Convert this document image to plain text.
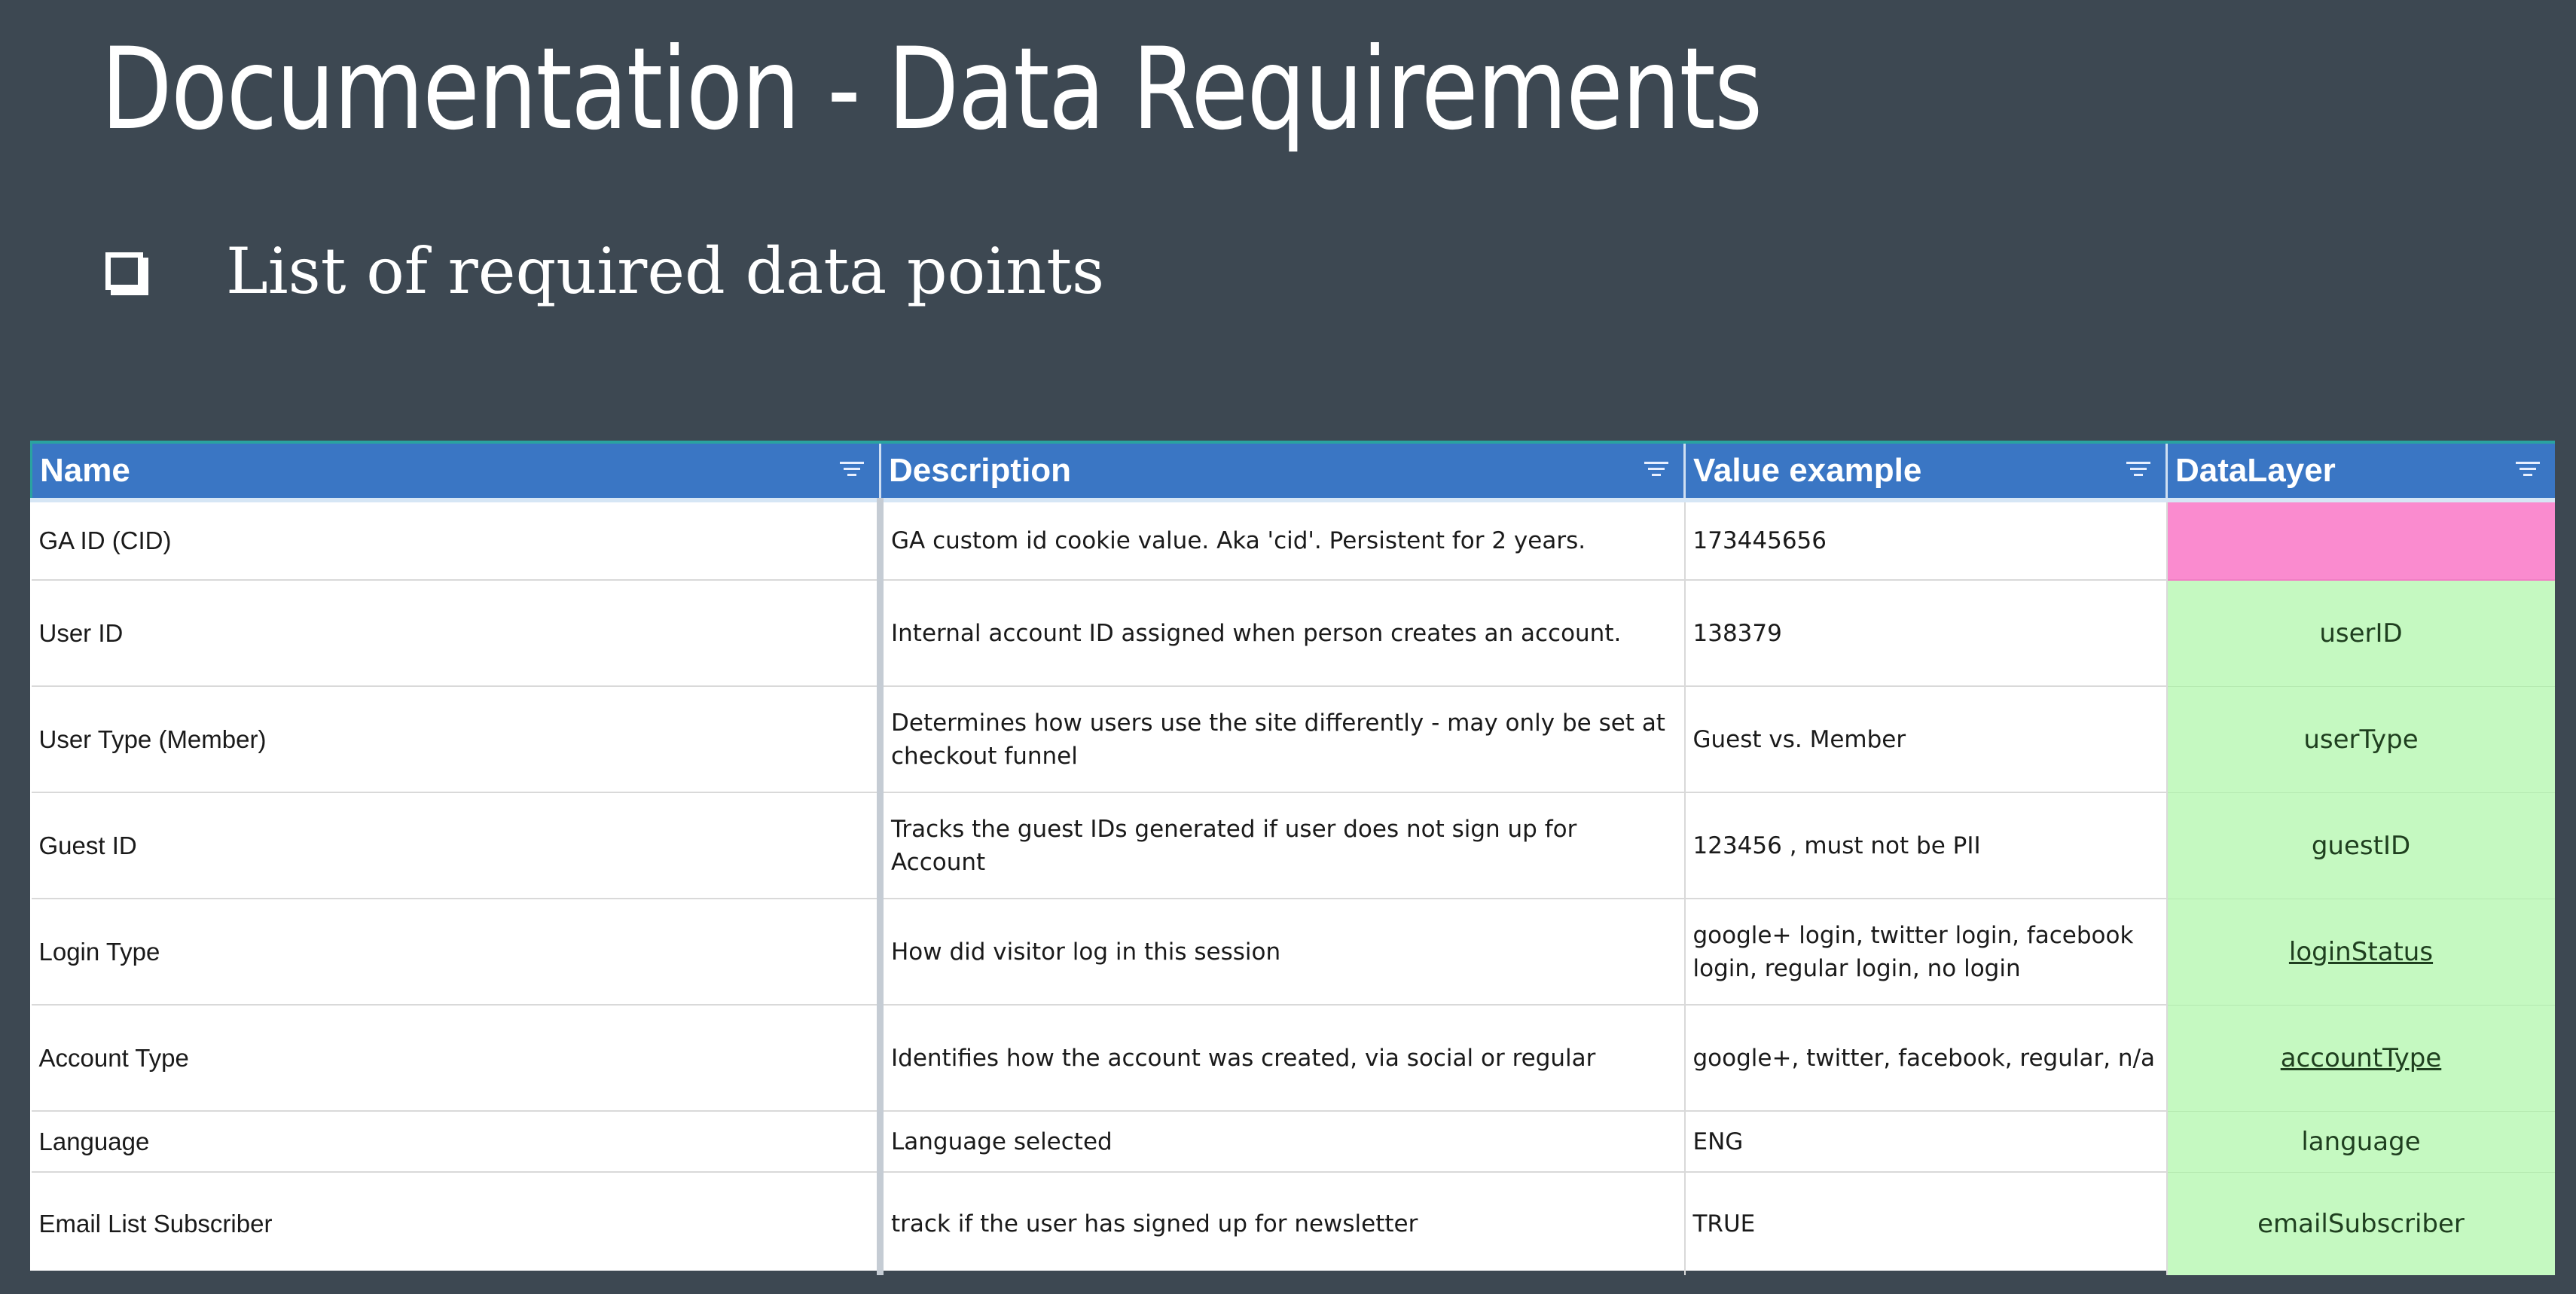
Documentation - Data Requirements
List of required data points
Name	Description	Value example	DataLayer

GA ID (CID)	GA custom id cookie value. Aka 'cid'. Persistent for 2 years.	173445656	
User ID	Internal account ID assigned when person creates an account.	138379	userID
User Type (Member)	Determines how users use the site differently - may only be set at checkout funnel	Guest vs. Member	userType
Guest ID	Tracks the guest IDs generated if user does not sign up for Account	123456 , must not be PII	guestID
Login Type	How did visitor log in this session	google+ login, twitter login, facebook login, regular login, no login	loginStatus
Account Type	Identifies how the account was created, via social or regular	google+, twitter, facebook, regular, n/a	accountType
Language	Language selected	ENG	language
Email List Subscriber	track if the user has signed up for newsletter	TRUE	emailSubscriber
